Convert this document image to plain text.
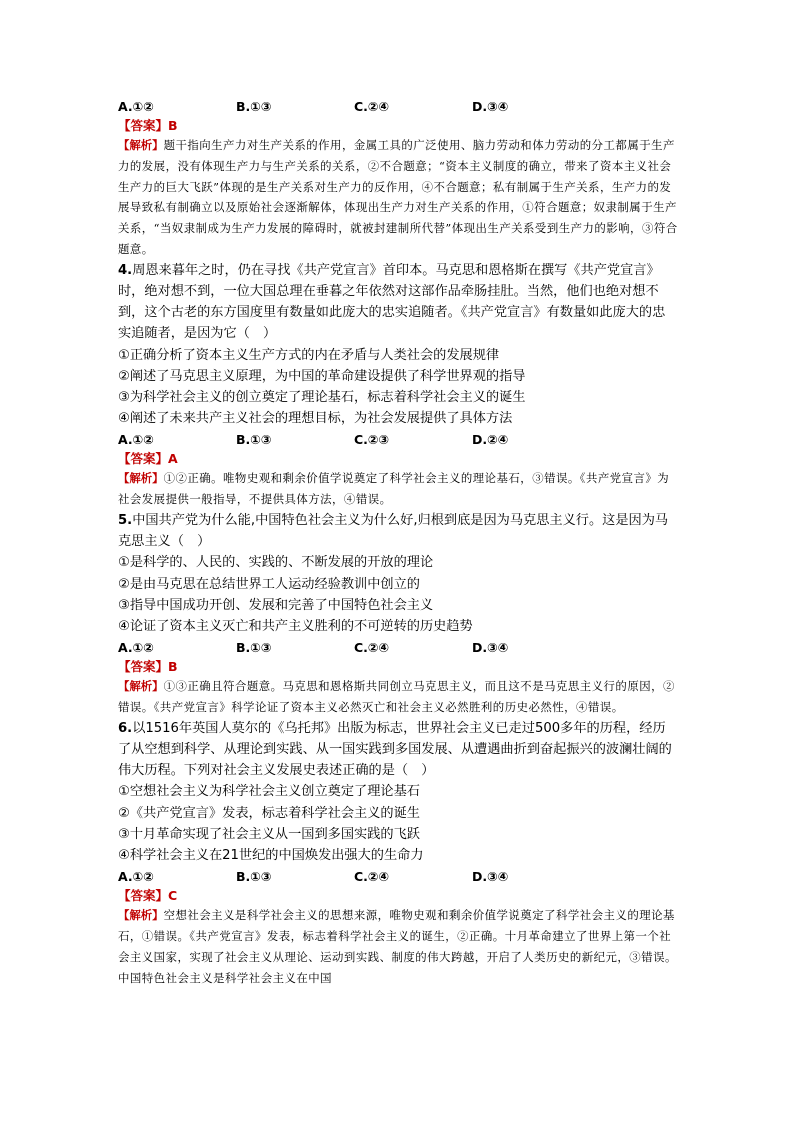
A.①②	B.①③	C.②④	D.③④
【答案】B
【解析】题干指向生产力对生产关系的作用，金属工具的广泛使用、脑力劳动和体力劳动的分工都属于生产力的发展，没有体现生产力与生产关系的关系，②不合题意；“资本主义制度的确立，带来了资本主义社会生产力的巨大飞跃”体现的是生产关系对生产力的反作用，④不合题意；私有制属于生产关系，生产力的发展导致私有制确立以及原始社会逐渐解体，体现出生产力对生产关系的作用，①符合题意；奴隶制属于生产关系，“当奴隶制成为生产力发展的障碍时，就被封建制所代替”体现出生产关系受到生产力的影响，③符合题意。
4.周恩来暮年之时，仍在寻找《共产党宣言》首印本。马克思和恩格斯在撰写《共产党宣言》时，绝对想不到，一位大国总理在垂暮之年依然对这部作品牵肠挂肚。当然，他们也绝对想不到，这个古老的东方国度里有数量如此庞大的忠实追随者。《共产党宣言》有数量如此庞大的忠实追随者，是因为它（　）
①正确分析了资本主义生产方式的内在矛盾与人类社会的发展规律
②阐述了马克思主义原理，为中国的革命建设提供了科学世界观的指导
③为科学社会主义的创立奠定了理论基石，标志着科学社会主义的诞生
④阐述了未来共产主义社会的理想目标，为社会发展提供了具体方法
A.①②	B.①③	C.②③	D.②④
【答案】A
【解析】①②正确。唯物史观和剩余价值学说奠定了科学社会主义的理论基石，③错误。《共产党宣言》为社会发展提供一般指导，不提供具体方法，④错误。
5.中国共产党为什么能,中国特色社会主义为什么好,归根到底是因为马克思主义行。这是因为马克思主义（　）
①是科学的、人民的、实践的、不断发展的开放的理论
②是由马克思在总结世界工人运动经验教训中创立的
③指导中国成功开创、发展和完善了中国特色社会主义
④论证了资本主义灭亡和共产主义胜利的不可逆转的历史趋势
A.①②	B.①③	C.②④	D.③④
【答案】B
【解析】①③正确且符合题意。马克思和恩格斯共同创立马克思主义，而且这不是马克思主义行的原因，②错误。《共产党宣言》科学论证了资本主义必然灭亡和社会主义必然胜利的历史必然性，④错误。
6.以1516年英国人莫尔的《乌托邦》出版为标志，世界社会主义已走过500多年的历程，经历了从空想到科学、从理论到实践、从一国实践到多国发展、从遭遇曲折到奋起振兴的波澜壮阔的伟大历程。下列对社会主义发展史表述正确的是（　）
①空想社会主义为科学社会主义创立奠定了理论基石
②《共产党宣言》发表，标志着科学社会主义的诞生
③十月革命实现了社会主义从一国到多国实践的飞跃
④科学社会主义在21世纪的中国焕发出强大的生命力
A.①②	B.①③	C.②④	D.③④
【答案】C
【解析】空想社会主义是科学社会主义的思想来源，唯物史观和剩余价值学说奠定了科学社会主义的理论基石，①错误。《共产党宣言》发表，标志着科学社会主义的诞生，②正确。十月革命建立了世界上第一个社会主义国家，实现了社会主义从理论、运动到实践、制度的伟大跨越，开启了人类历史的新纪元，③错误。中国特色社会主义是科学社会主义在中国
